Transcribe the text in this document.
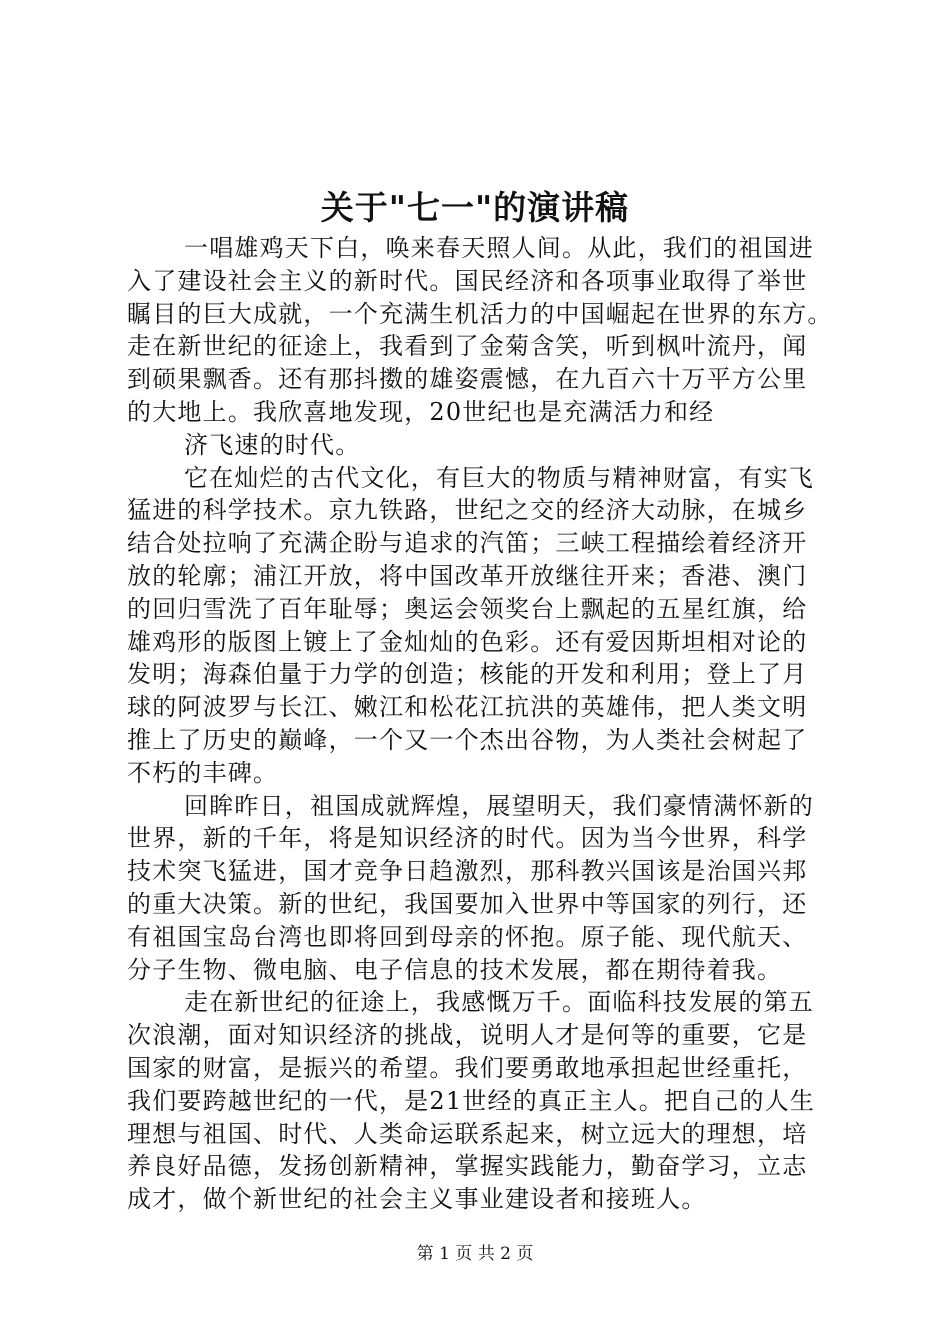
关于"七一"的演讲稿
一唱雄鸡天下白，唤来春天照人间。从此，我们的祖国进
入了建设社会主义的新时代。国民经济和各项事业取得了举世
瞩目的巨大成就，一个充满生机活力的中国崛起在世界的东方。
走在新世纪的征途上，我看到了金菊含笑，听到枫叶流丹，闻
到硕果飘香。还有那抖擞的雄姿震憾，在九百六十万平方公里
的大地上。我欣喜地发现，20世纪也是充满活力和经
济飞速的时代。
它在灿烂的古代文化，有巨大的物质与精神财富，有实飞
猛进的科学技术。京九铁路，世纪之交的经济大动脉，在城乡
结合处拉响了充满企盼与追求的汽笛；三峡工程描绘着经济开
放的轮廓；浦江开放，将中国改革开放继往开来；香港、澳门
的回归雪洗了百年耻辱；奥运会领奖台上飘起的五星红旗，给
雄鸡形的版图上镀上了金灿灿的色彩。还有爱因斯坦相对论的
发明；海森伯量于力学的创造；核能的开发和利用；登上了月
球的阿波罗与长江、嫩江和松花江抗洪的英雄伟，把人类文明
推上了历史的巅峰，一个又一个杰出谷物，为人类社会树起了
不朽的丰碑。
回眸昨日，祖国成就辉煌，展望明天，我们豪情满怀新的
世界，新的千年，将是知识经济的时代。因为当今世界，科学
技术突飞猛进，国才竞争日趋激烈，那科教兴国该是治国兴邦
的重大决策。新的世纪，我国要加入世界中等国家的列行，还
有祖国宝岛台湾也即将回到母亲的怀抱。原子能、现代航天、
分子生物、微电脑、电子信息的技术发展，都在期待着我。
走在新世纪的征途上，我感慨万千。面临科技发展的第五
次浪潮，面对知识经济的挑战，说明人才是何等的重要，它是
国家的财富，是振兴的希望。我们要勇敢地承担起世经重托，
我们要跨越世纪的一代，是21世经的真正主人。把自己的人生
理想与祖国、时代、人类命运联系起来，树立远大的理想，培
养良好品德，发扬创新精神，掌握实践能力，勤奋学习，立志
成才，做个新世纪的社会主义事业建设者和接班人。
第 1 页 共 2 页
